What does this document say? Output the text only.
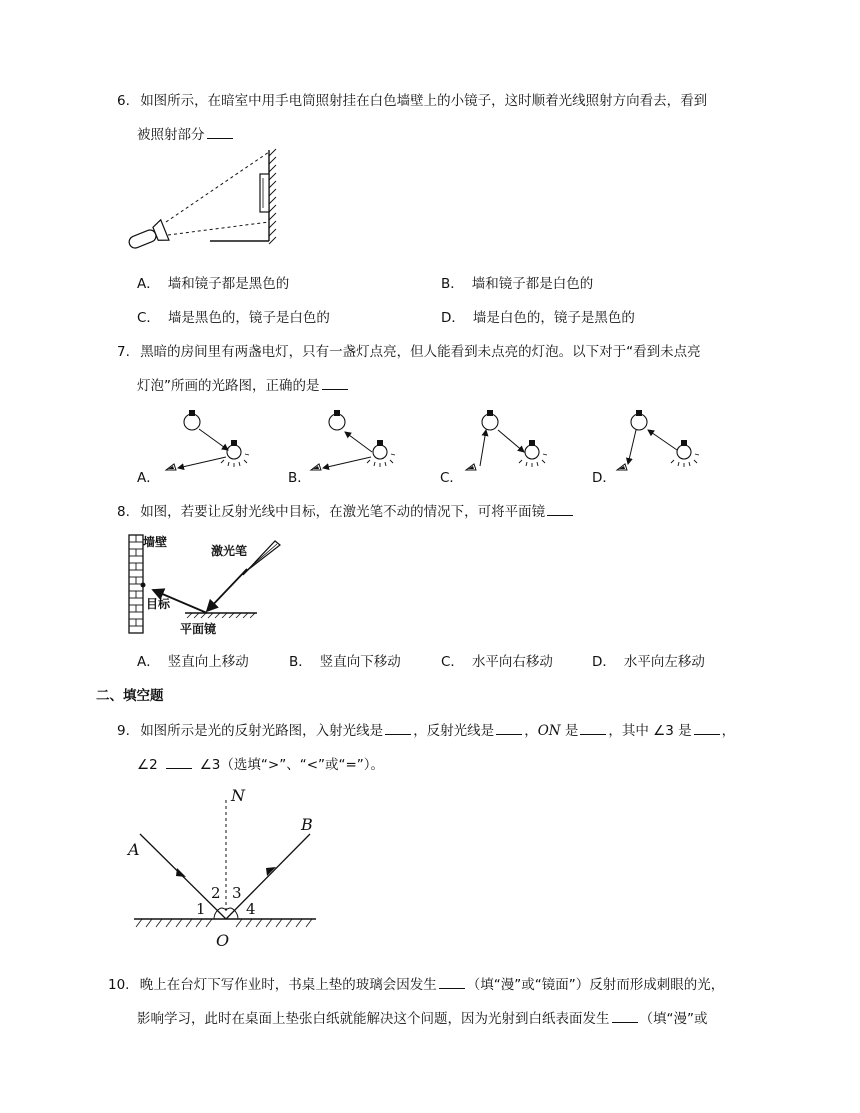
6. 如图所示，在暗室中用手电筒照射挂在白色墙壁上的小镜子，这时顺着光线照射方向看去，看到
被照射部分
A． 墙和镜子都是黑色的	B． 墙和镜子都是白色的
C． 墙是黑色的，镜子是白色的	D． 墙是白色的，镜子是黑色的
7. 黑暗的房间里有两盏电灯，只有一盏灯点亮，但人能看到未点亮的灯泡。以下对于“看到未点亮
灯泡”所画的光路图，正确的是
A．	B．	C．	D．
8. 如图，若要让反射光线中目标，在激光笔不动的情况下，可将平面镜
墙壁
激光笔
目标
平面镜
A． 竖直向上移动	B． 竖直向下移动	C． 水平向右移动	D． 水平向左移动
二、填空题
9. 如图所示是光的反射光路图，入射光线是 ，反射光线是 ，ON 是 ，其中 ∠3 是 ，
∠2	∠3（选填“>”、“<”或“=”）。
N
A
B
O
1
2 3
4
10. 晚上在台灯下写作业时，书桌上垫的玻璃会因发生 （填“漫”或“镜面”）反射而形成刺眼的光，
影响学习，此时在桌面上垫张白纸就能解决这个问题，因为光射到白纸表面发生 （填“漫”或
